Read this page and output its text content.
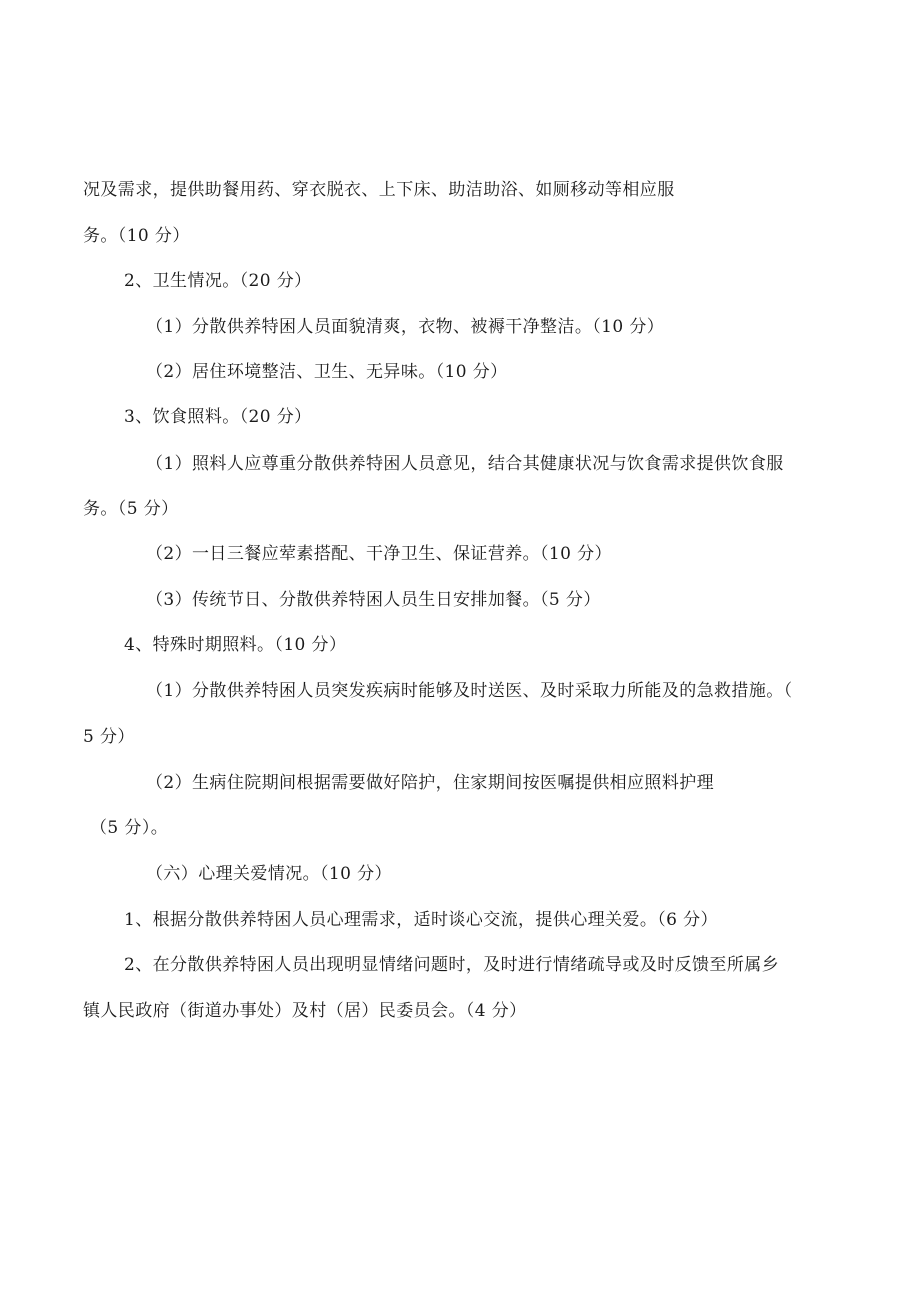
况及需求，提供助餐用药、穿衣脱衣、上下床、助洁助浴、如厕移动等相应服
务。（10 分）
2、卫生情况。（20 分）
（1）分散供养特困人员面貌清爽，衣物、被褥干净整洁。（10 分）
（2）居住环境整洁、卫生、无异味。（10 分）
3、饮食照料。（20 分）
（1）照料人应尊重分散供养特困人员意见，结合其健康状况与饮食需求提供饮食服
务。（5 分）
（2）一日三餐应荤素搭配、干净卫生、保证营养。（10 分）
（3）传统节日、分散供养特困人员生日安排加餐。（5 分）
4、特殊时期照料。（10 分）
（1）分散供养特困人员突发疾病时能够及时送医、及时采取力所能及的急救措施。（
5 分）
（2）生病住院期间根据需要做好陪护，住家期间按医嘱提供相应照料护理
（5 分）。
（六）心理关爱情况。（10 分）
1、根据分散供养特困人员心理需求，适时谈心交流，提供心理关爱。（6 分）
2、在分散供养特困人员出现明显情绪问题时，及时进行情绪疏导或及时反馈至所属乡
镇人民政府（街道办事处）及村（居）民委员会。（4 分）
